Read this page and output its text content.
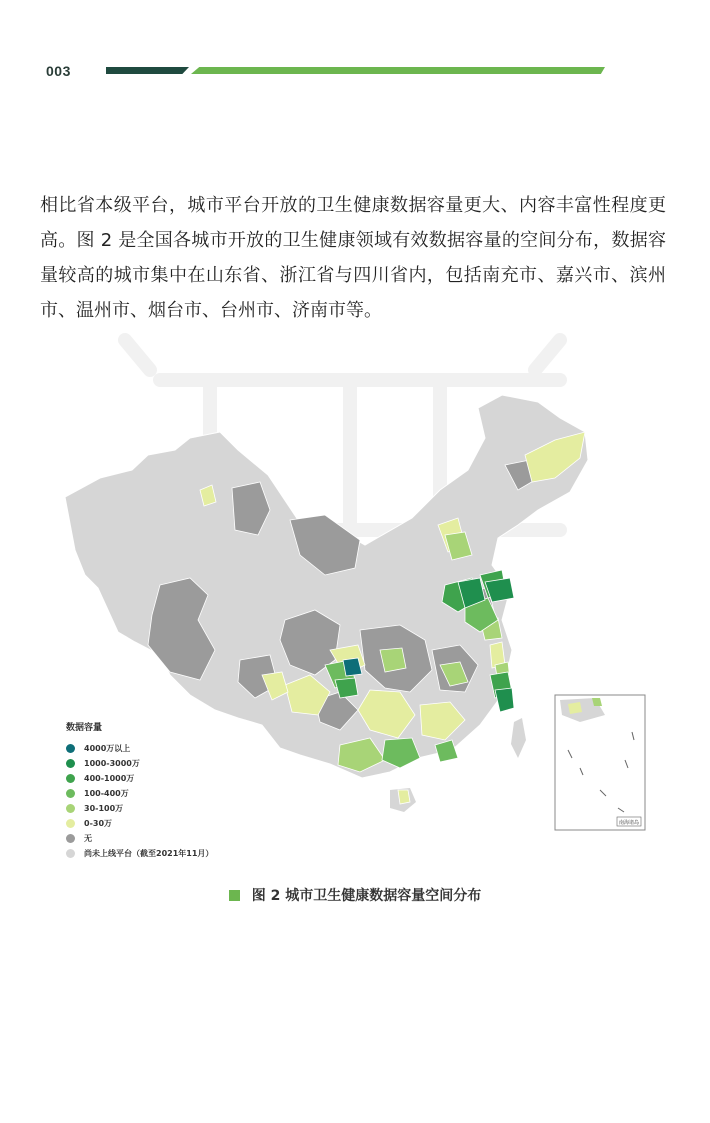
003
相比省本级平台，城市平台开放的卫生健康数据容量更大、内容丰富性程度更高。图 2 是全国各城市开放的卫生健康领域有效数据容量的空间分布，数据容量较高的城市集中在山东省、浙江省与四川省内，包括南充市、嘉兴市、滨州市、温州市、烟台市、台州市、济南市等。
南海诸岛
数据容量
4000万以上
1000-3000万
400-1000万
100-400万
30-100万
0-30万
无
尚未上线平台（截至2021年11月）
图 2 城市卫生健康数据容量空间分布
